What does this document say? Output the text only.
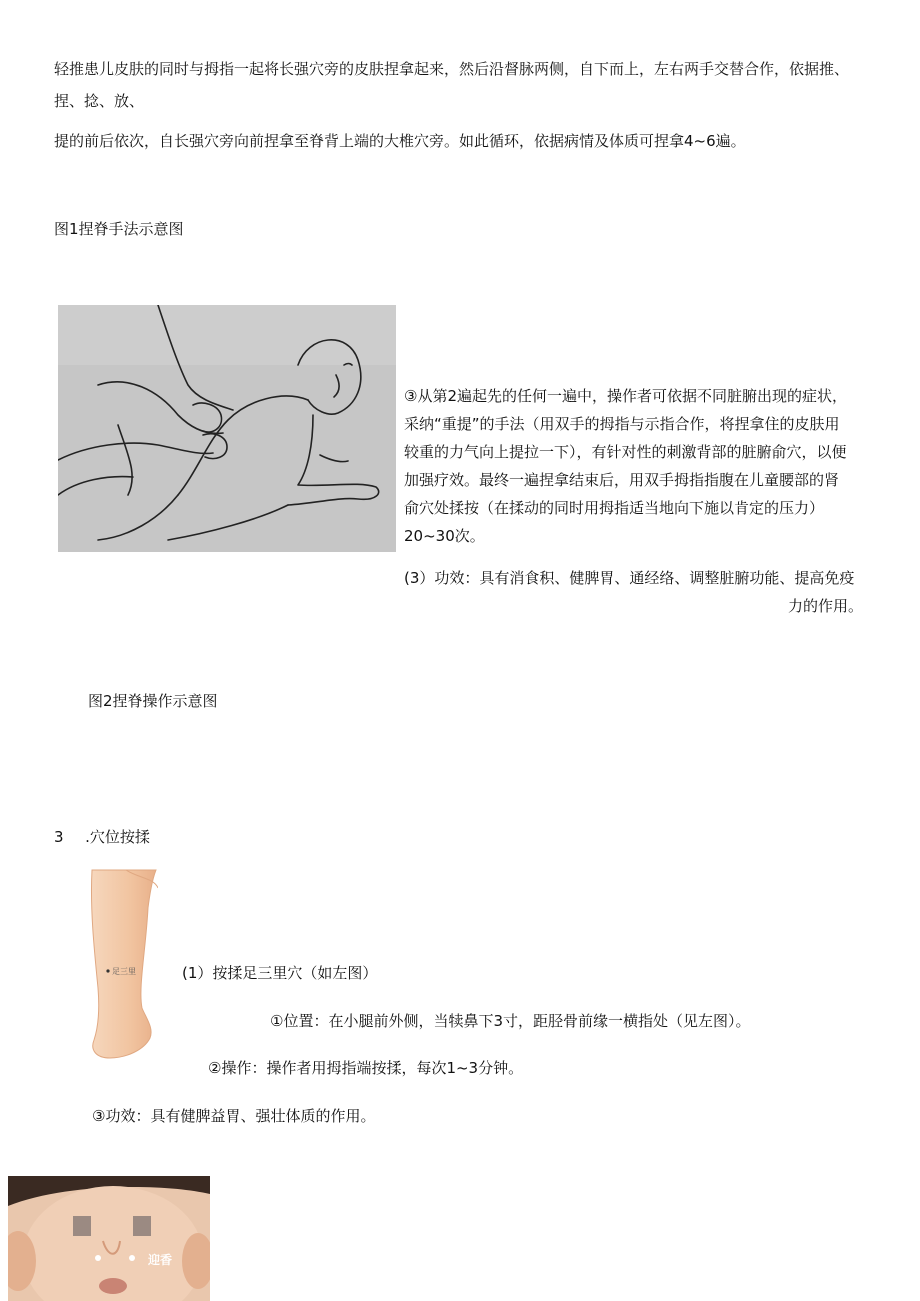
轻推患儿皮肤的同时与拇指一起将长强穴旁的皮肤捏拿起来，然后沿督脉两侧，自下而上，左右两手交替合作，依据推、
捏、捻、放、
提的前后依次，自长强穴旁向前捏拿至脊背上端的大椎穴旁。如此循环，依据病情及体质可捏拿4~6遍。
图1捏脊手法示意图
③从第2遍起先的任何一遍中，操作者可依据不同脏腑出现的症状，
采纳“重提”的手法（用双手的拇指与示指合作，将捏拿住的皮肤用
较重的力气向上提拉一下），有针对性的刺激背部的脏腑俞穴，以便
加强疗效。最终一遍捏拿结束后，用双手拇指指腹在儿童腰部的肾
俞穴处揉按（在揉动的同时用拇指适当地向下施以肯定的压力）
20~30次。
(3）功效：具有消食积、健脾胃、通经络、调整脏腑功能、提高免疫
力的作用。
图2捏脊操作示意图
3 .穴位按揉
足三里	(1）按揉足三里穴（如左图）
①位置：在小腿前外侧，当犊鼻下3寸，距胫骨前缘一横指处（见左图）。
②操作：操作者用拇指端按揉，每次1~3分钟。
③功效：具有健脾益胃、强壮体质的作用。
迎香
